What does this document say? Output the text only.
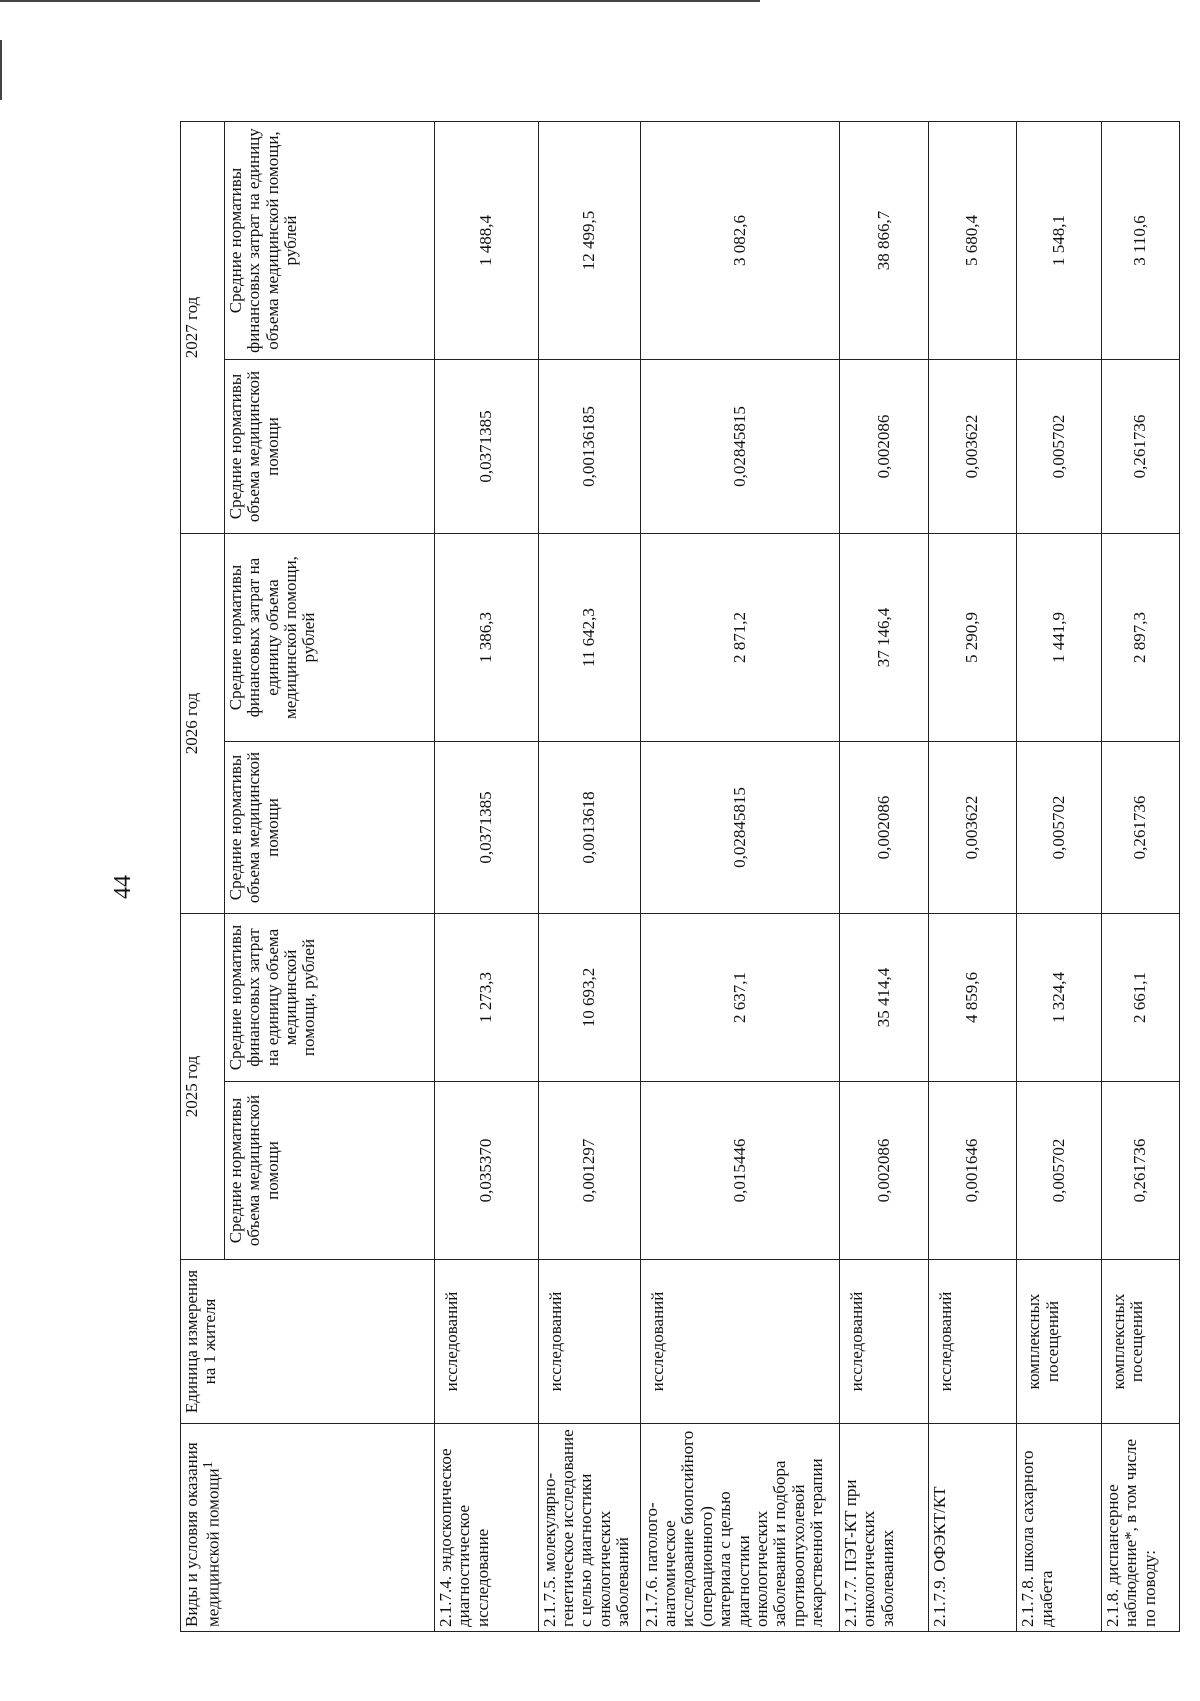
44
Виды и условия оказания медицинской помощи$^1$	Единица измерения на 1 жителя	2025 год		2026 год		2027 год	
		Средние нормативы объема медицинской помощи	Средние нормативы финансовых затрат на единицу объема медицинской помощи, рублей	Средние нормативы объема медицинской помощи	Средние нормативы финансовых затрат на единицу объема медицинской помощи, рублей	Средние нормативы объема медицинской помощи	Средние нормативы финансовых затрат на единицу объема медицинской помощи, рублей
2.1.7.4. эндоскопическое диагностическое исследование	исследований	0,035370	1 273,3	0,0371385	1 386,3	0,0371385	1 488,4
2.1.7.5. молекулярно-генетическое исследование с целью диагностики онкологических заболеваний	исследований	0,001297	10 693,2	0,0013618	11 642,3	0,00136185	12 499,5
2.1.7.6. патолого-анатомическое исследование биопсийного (операционного) материала с целью диагностики онкологических заболеваний и подбора противоопухолевой лекарственной терапии	исследований	0,015446	2 637,1	0,02845815	2 871,2	0,02845815	3 082,6
2.1.7.7. ПЭТ-КТ при онкологических заболеваниях	исследований	0,002086	35 414,4	0,002086	37 146,4	0,002086	38 866,7
2.1.7.9. ОФЭКТ/КТ	исследований	0,001646	4 859,6	0,003622	5 290,9	0,003622	5 680,4
2.1.7.8. школа сахарного диабета	комплексных посещений	0,005702	1 324,4	0,005702	1 441,9	0,005702	1 548,1
2.1.8. диспансерное наблюдение*, в том числе по поводу:	комплексных посещений	0,261736	2 661,1	0,261736	2 897,3	0,261736	3 110,6
